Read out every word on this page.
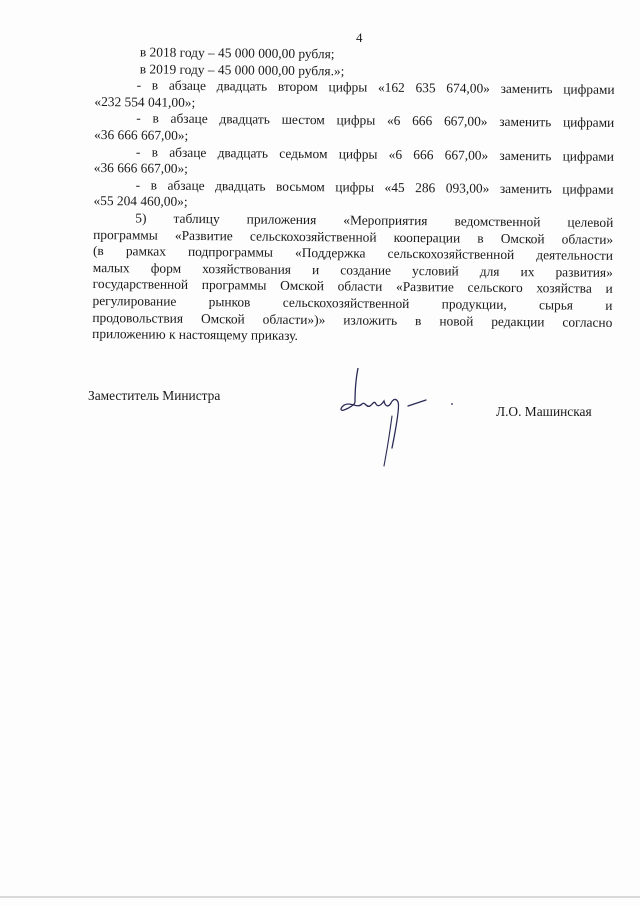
4
в 2018 году – 45 000 000,00 рубля;
в 2019 году – 45 000 000,00 рубля.»;
- в абзаце двадцать втором цифры «162 635 674,00» заменить цифрами
«232 554 041,00»;
- в абзаце двадцать шестом цифры «6 666 667,00» заменить цифрами
«36 666 667,00»;
- в абзаце двадцать седьмом цифры «6 666 667,00» заменить цифрами
«36 666 667,00»;
- в абзаце двадцать восьмом цифры «45 286 093,00» заменить цифрами
«55 204 460,00»;
5) таблицу приложения «Мероприятия ведомственной целевой
программы «Развитие сельскохозяйственной кооперации в Омской области»
(в рамках подпрограммы «Поддержка сельскохозяйственной деятельности
малых форм хозяйствования и создание условий для их развития»
государственной программы Омской области «Развитие сельского хозяйства и
регулирование рынков сельскохозяйственной продукции, сырья и
продовольствия Омской области»)» изложить в новой редакции согласно
приложению к настоящему приказу.
Заместитель Министра
Л.О. Машинская
